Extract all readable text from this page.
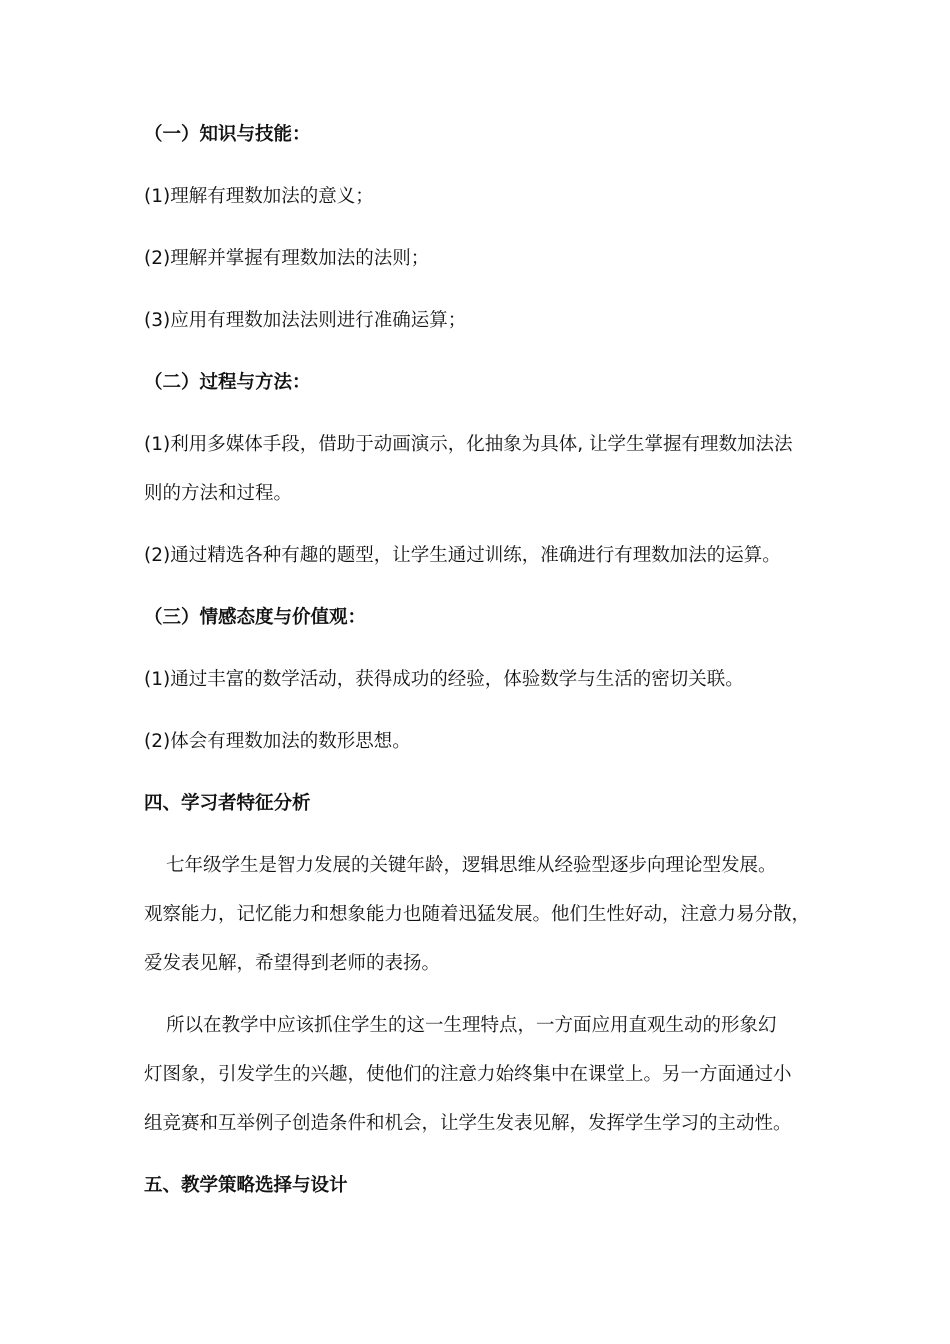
（一）知识与技能：
(1)理解有理数加法的意义；
(2)理解并掌握有理数加法的法则；
(3)应用有理数加法法则进行准确运算；
（二）过程与方法：
(1)利用多媒体手段，借助于动画演示，化抽象为具体, 让学生掌握有理数加法法
则的方法和过程。
(2)通过精选各种有趣的题型，让学生通过训练，准确进行有理数加法的运算。
（三）情感态度与价值观：
(1)通过丰富的数学活动，获得成功的经验，体验数学与生活的密切关联。
(2)体会有理数加法的数形思想。
四、学习者特征分析
七年级学生是智力发展的关键年龄，逻辑思维从经验型逐步向理论型发展。
观察能力，记忆能力和想象能力也随着迅猛发展。他们生性好动，注意力易分散，
爱发表见解，希望得到老师的表扬。
所以在教学中应该抓住学生的这一生理特点，一方面应用直观生动的形象幻
灯图象，引发学生的兴趣，使他们的注意力始终集中在课堂上。另一方面通过小
组竞赛和互举例子创造条件和机会，让学生发表见解，发挥学生学习的主动性。
五、教学策略选择与设计
